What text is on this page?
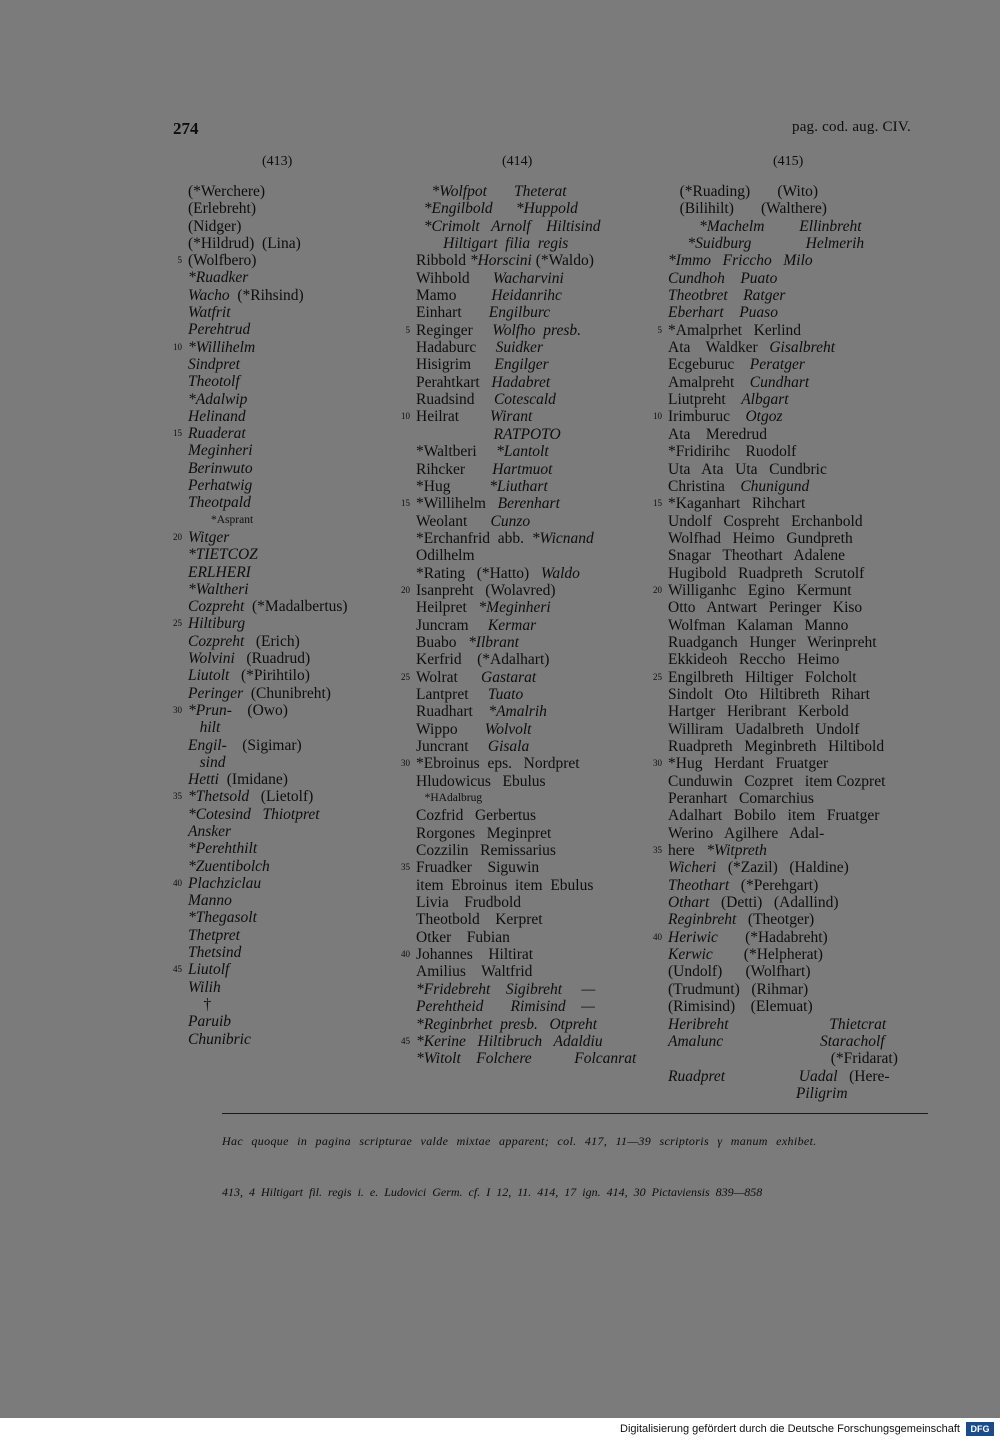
274	pag. cod. aug. CIV.
(413)	(414)	(415)
(*Werchere)
(Erlebreht)
(Nidger)
(*Hildrud)  (Lina)
5 (Wolfbero)
*Ruadker
Wacho (*Rihsind)
Watfrit
Perehtrud
10 *Willihelm
Sindpret
Theotolf
*Adalwip
Helinand
15 Ruaderat
Meginheri
Berinwuto
Perhatwig
Theotpald
*Asprant
20 Witger
*TIETCOZ
ERLHERI
*Waltheri
Cozpreht (*Madalbertus)
25 Hiltiburg
Cozpreht (Erich)
Wolvini (Ruadrud)
Liutolt (*Pirihtilo)
Peringer (Chunibreht)
30 *Prun- (Owo)
hilt
Engil- (Sigimar)
sind
Hetti (Imidane)
35 *Thetsold (Lietolf)
*Cotesind   Thiotpret
Ansker
*Perehthilt
*Zuentibolch
40 Plachziclau
Manno
*Thegasolt
Thetpret
Thetsind
45 Liutolf
Wilih
†
Paruib
Chunibric
*Wolfpot       Theterat
*Engilbold      *Huppold
*Crimolt   Arnolf    Hiltisind
Hiltigart  filia  regis
Ribbold *Horscini (*Waldo)
Wihbold Wacharvini
Mamo Heidanrihc
Einhart Engilburc
5 Reginger Wolfho  presb.
Hadaburc Suidker
Hisigrim Engilger
Perahtkart Hadabret
Ruadsind Cotescald
10 Heilrat Wirant

RATPOTO
*Waltberi *Lantolt
Rihcker Hartmuot
*Hug *Liuthart
15 *Willihelm Berenhart
Weolant Cunzo
*Erchanfrid  abb. *Wicnand
Odilhelm
*Rating   (*Hatto) Waldo
20 Isanpreht   (Wolavred)
Heilpret *Meginheri
Juncram Kermar
Buabo *Ilbrant
Kerfrid    (*Adalhart)
25 Wolrat Gastarat
Lantpret Tuato
Ruadhart *Amalrih
Wippo Wolvolt
Juncrant Gisala
30 *Ebroinus  eps.   Nordpret
Hludowicus   Ebulus
*HAdalbrug
Cozfrid   Gerbertus
Rorgones   Meginpret
Cozzilin   Remissarius
35 Fruadker    Siguwin
item  Ebroinus  item  Ebulus
Livia    Frudbold
Theotbold    Kerpret
Otker    Fubian
40 Johannes    Hiltirat
Amilius    Waltfrid
*Fridebreht    Sigibreht     —
Perehtheid       Rimisind    —
*Reginbrhet  presb.   Otpreht
45 *Kerine   Hiltibruch   Adaldiu
*Witolt    Folchere           Folcanrat
(*Ruading)       (Wito)
(Bilihilt)       (Walthere)
*Machelm         Ellinbreht
*Suidburg              Helmerih
*Immo   Friccho   Milo
Cundhoh    Puato
Theotbret    Ratger
Eberhart    Puaso
5 *Amalprhet   Kerlind
Ata    Waldker Gisalbreht
Ecgeburuc Peratger
Amalpreht Cundhart
Liutpreht Albgart
10 Irimburuc Otgoz
Ata    Meredrud
*Fridirihc    Ruodolf
Uta   Ata   Uta   Cundbric
Christina Chunigund
15 *Kaganhart   Rihchart
Undolf   Cospreht   Erchanbold
Wolfhad   Heimo   Gundpreth
Snagar   Theothart   Adalene
Hugibold   Ruadpreth   Scrutolf
20 Williganhc   Egino   Kermunt
Otto   Antwart   Peringer   Kiso
Wolfman   Kalaman   Manno
Ruadganch   Hunger   Werinpreht
Ekkideoh   Reccho   Heimo
25 Engilbreth   Hiltiger   Folcholt
Sindolt   Oto   Hiltibreth   Rihart
Hartger   Heribrant   Kerbold
Williram   Uadalbreth   Undolf
Ruadpreth   Meginbreth   Hiltibold
30 *Hug   Herdant   Fruatger
Cunduwin   Cozpret   item Cozpret
Peranhart   Comarchius
Adalhart   Bobilo   item   Fruatger
Werino   Agilhere   Adal-
35 here *Witpreth
Wicheri (*Zazil)   (Haldine)
Theothart (*Perehgart)
Othart (Detti)   (Adallind)
Reginbreht (Theotger)
40 Heriwic (*Hadabreht)
Kerwic (*Helpherat)
(Undolf)      (Wolfhart)
(Trudmunt)   (Rihmar)
(Rimisind)    (Elemuat)
Heribreht                          Thietcrat
Amalunc                         Staracholf
(*Fridarat)
Ruadpret Uadal (Here-
Piligrim
Hac quoque in pagina scripturae valde mixtae apparent; col. 417, 11—39 scriptoris γ manum exhibet.
413, 4 Hiltigart fil. regis i. e. Ludovici Germ. cf. I 12, 11. 414, 17 ign. 414, 30 Pictaviensis 839—858
Digitalisierung gefördert durch die Deutsche Forschungsgemeinschaft	DFG
